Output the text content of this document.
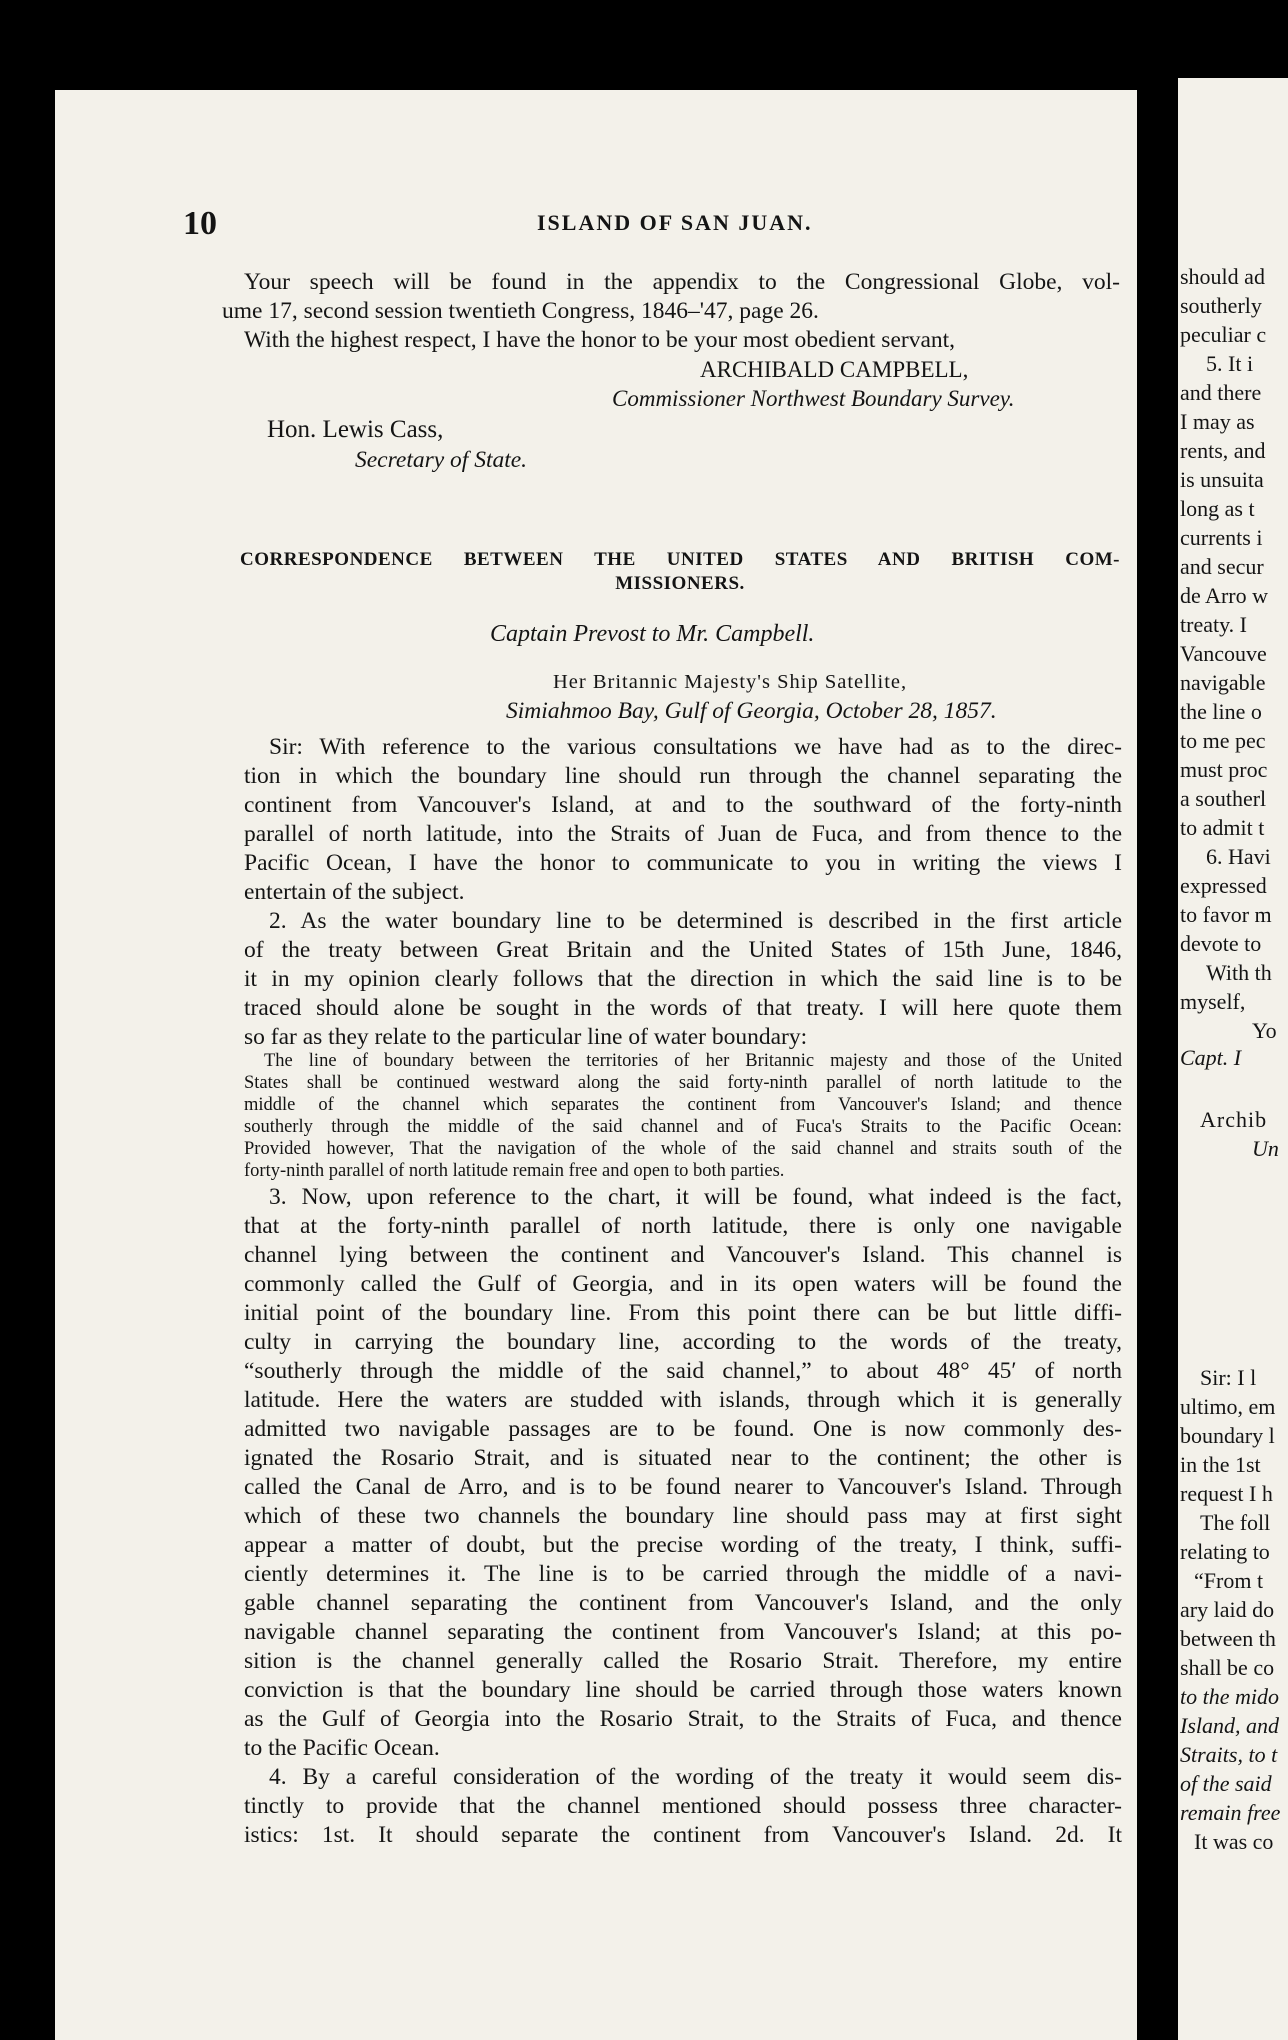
10	ISLAND OF SAN JUAN.
Your speech will be found in the appendix to the Congressional Globe, vol-
ume 17, second session twentieth Congress, 1846–'47, page 26.
With the highest respect, I have the honor to be your most obedient servant,
ARCHIBALD CAMPBELL,
Commissioner Northwest Boundary Survey.
Hon. Lewis Cass,
Secretary of State.
CORRESPONDENCE BETWEEN THE UNITED STATES AND BRITISH COM-
MISSIONERS.
Captain Prevost to Mr. Campbell.
Her Britannic Majesty's Ship Satellite,
Simiahmoo Bay, Gulf of Georgia, October 28, 1857.
Sir: With reference to the various consultations we have had as to the direc-
tion in which the boundary line should run through the channel separating the
continent from Vancouver's Island, at and to the southward of the forty-ninth
parallel of north latitude, into the Straits of Juan de Fuca, and from thence to the
Pacific Ocean, I have the honor to communicate to you in writing the views I
entertain of the subject.
2. As the water boundary line to be determined is described in the first article
of the treaty between Great Britain and the United States of 15th June, 1846,
it in my opinion clearly follows that the direction in which the said line is to be
traced should alone be sought in the words of that treaty. I will here quote them
so far as they relate to the particular line of water boundary:
The line of boundary between the territories of her Britannic majesty and those of the United
States shall be continued westward along the said forty-ninth parallel of north latitude to the
middle of the channel which separates the continent from Vancouver's Island; and thence
southerly through the middle of the said channel and of Fuca's Straits to the Pacific Ocean:
Provided however, That the navigation of the whole of the said channel and straits south of the
forty-ninth parallel of north latitude remain free and open to both parties.
3. Now, upon reference to the chart, it will be found, what indeed is the fact,
that at the forty-ninth parallel of north latitude, there is only one navigable
channel lying between the continent and Vancouver's Island. This channel is
commonly called the Gulf of Georgia, and in its open waters will be found the
initial point of the boundary line. From this point there can be but little diffi-
culty in carrying the boundary line, according to the words of the treaty,
“southerly through the middle of the said channel,” to about 48° 45′ of north
latitude. Here the waters are studded with islands, through which it is generally
admitted two navigable passages are to be found. One is now commonly des-
ignated the Rosario Strait, and is situated near to the continent; the other is
called the Canal de Arro, and is to be found nearer to Vancouver's Island. Through
which of these two channels the boundary line should pass may at first sight
appear a matter of doubt, but the precise wording of the treaty, I think, suffi-
ciently determines it. The line is to be carried through the middle of a navi-
gable channel separating the continent from Vancouver's Island, and the only
navigable channel separating the continent from Vancouver's Island; at this po-
sition is the channel generally called the Rosario Strait. Therefore, my entire
conviction is that the boundary line should be carried through those waters known
as the Gulf of Georgia into the Rosario Strait, to the Straits of Fuca, and thence
to the Pacific Ocean.
4. By a careful consideration of the wording of the treaty it would seem dis-
tinctly to provide that the channel mentioned should possess three character-
istics: 1st. It should separate the continent from Vancouver's Island. 2d. It
should ad
southerly
peculiar c
5. It i
and there
I may as
rents, and
is unsuita
long as t
currents i
and secur
de Arro w
treaty. I
Vancouve
navigable
the line o
to me pec
must proc
a southerl
to admit t
6. Havi
expressed
to favor m
devote to
With th
myself,
Yo
Capt. I
Archib
Un
Sir: I l
ultimo, em
boundary l
in the 1st
request I h
The foll
relating to
“From t
ary laid do
between th
shall be co
to the mido
Island, and
Straits, to t
of the said
remain free
It was co
